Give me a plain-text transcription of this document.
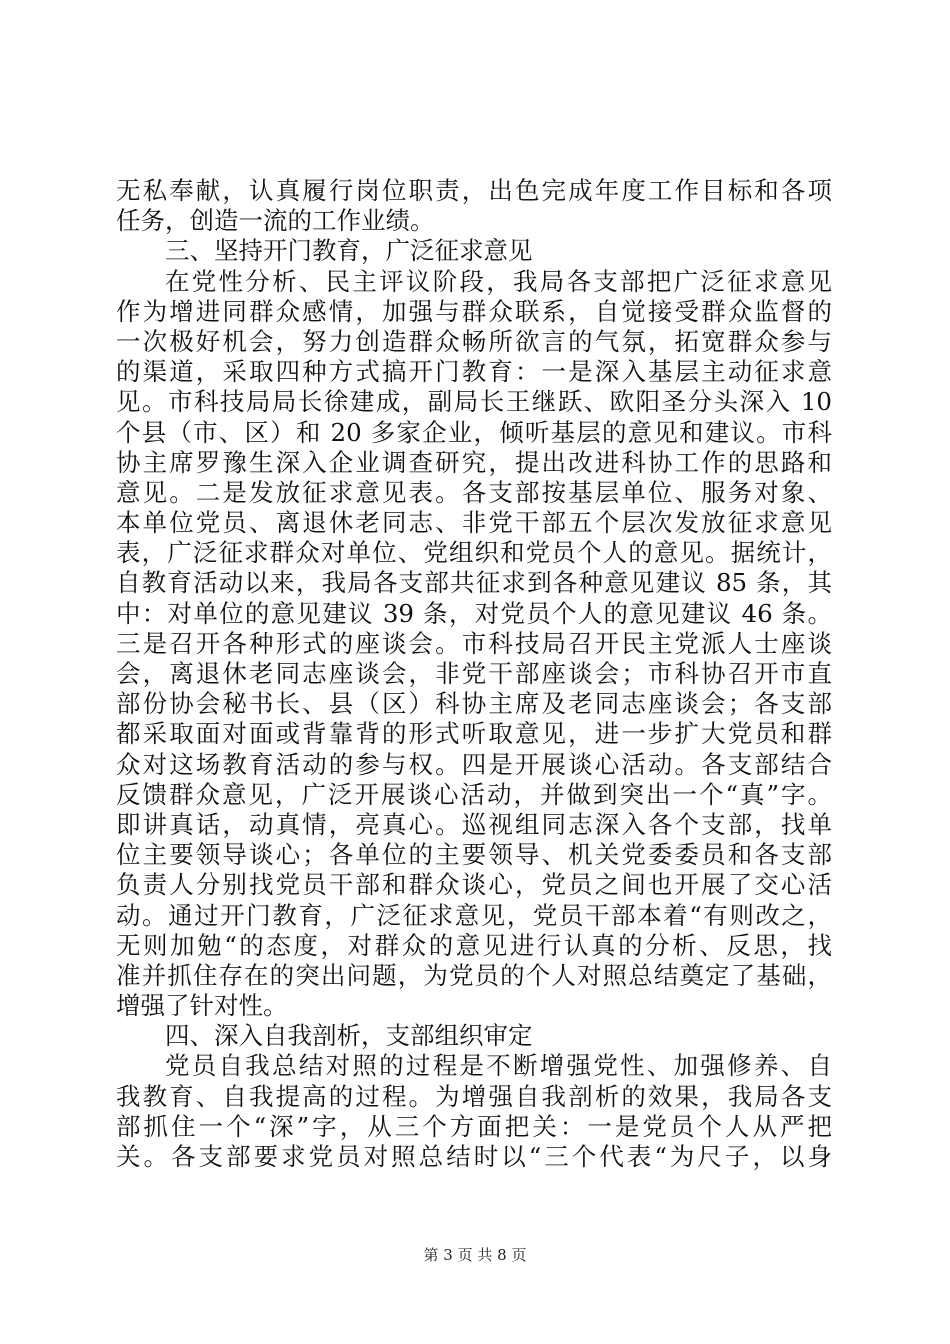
无私奉献，认真履行岗位职责，出色完成年度工作目标和各项
任务，创造一流的工作业绩。
三、坚持开门教育，广泛征求意见
在党性分析、民主评议阶段，我局各支部把广泛征求意见
作为增进同群众感情，加强与群众联系，自觉接受群众监督的
一次极好机会，努力创造群众畅所欲言的气氛，拓宽群众参与
的渠道，采取四种方式搞开门教育：一是深入基层主动征求意
见。市科技局局长徐建成，副局长王继跃、欧阳圣分头深入 10
个县（市、区）和 20 多家企业，倾听基层的意见和建议。市科
协主席罗豫生深入企业调查研究，提出改进科协工作的思路和
意见。二是发放征求意见表。各支部按基层单位、服务对象、
本单位党员、离退休老同志、非党干部五个层次发放征求意见
表，广泛征求群众对单位、党组织和党员个人的意见。据统计，
自教育活动以来，我局各支部共征求到各种意见建议 85 条，其
中：对单位的意见建议 39 条，对党员个人的意见建议 46 条。
三是召开各种形式的座谈会。市科技局召开民主党派人士座谈
会，离退休老同志座谈会，非党干部座谈会；市科协召开市直
部份协会秘书长、县（区）科协主席及老同志座谈会；各支部
都采取面对面或背靠背的形式听取意见，进一步扩大党员和群
众对这场教育活动的参与权。四是开展谈心活动。各支部结合
反馈群众意见，广泛开展谈心活动，并做到突出一个“真”字。
即讲真话，动真情，亮真心。巡视组同志深入各个支部，找单
位主要领导谈心；各单位的主要领导、机关党委委员和各支部
负责人分别找党员干部和群众谈心，党员之间也开展了交心活
动。通过开门教育，广泛征求意见，党员干部本着“有则改之，
无则加勉“的态度，对群众的意见进行认真的分析、反思，找
准并抓住存在的突出问题，为党员的个人对照总结奠定了基础，
增强了针对性。
四、深入自我剖析，支部组织审定
党员自我总结对照的过程是不断增强党性、加强修养、自
我教育、自我提高的过程。为增强自我剖析的效果，我局各支
部抓住一个“深”字，从三个方面把关：一是党员个人从严把
关。各支部要求党员对照总结时以“三个代表“为尺子，以身
第 3 页 共 8 页
